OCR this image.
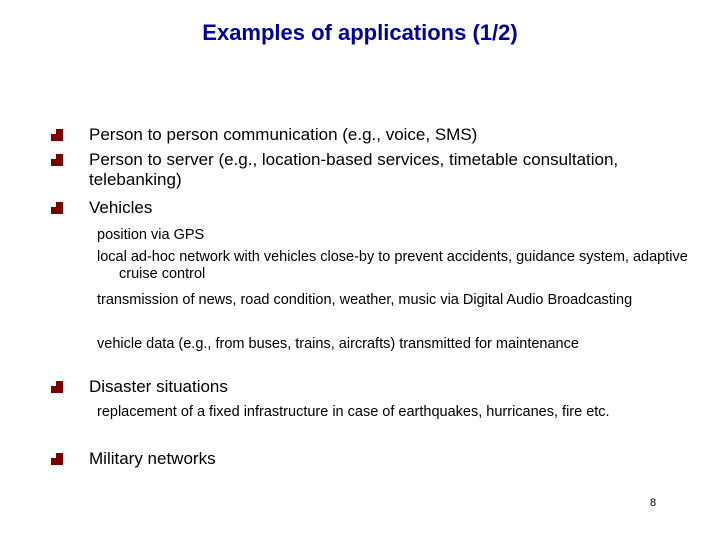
Examples of applications (1/2)
Person to person communication (e.g., voice, SMS)
Person to server (e.g., location-based services, timetable consultation, telebanking)
Vehicles
position via GPS
local ad-hoc network with vehicles close-by to prevent accidents, guidance system, adaptive cruise control
transmission of news, road condition, weather, music via Digital Audio Broadcasting
vehicle data (e.g., from buses, trains, aircrafts) transmitted for maintenance
Disaster situations
replacement of a fixed infrastructure in case of earthquakes, hurricanes, fire etc.
Military networks
8
